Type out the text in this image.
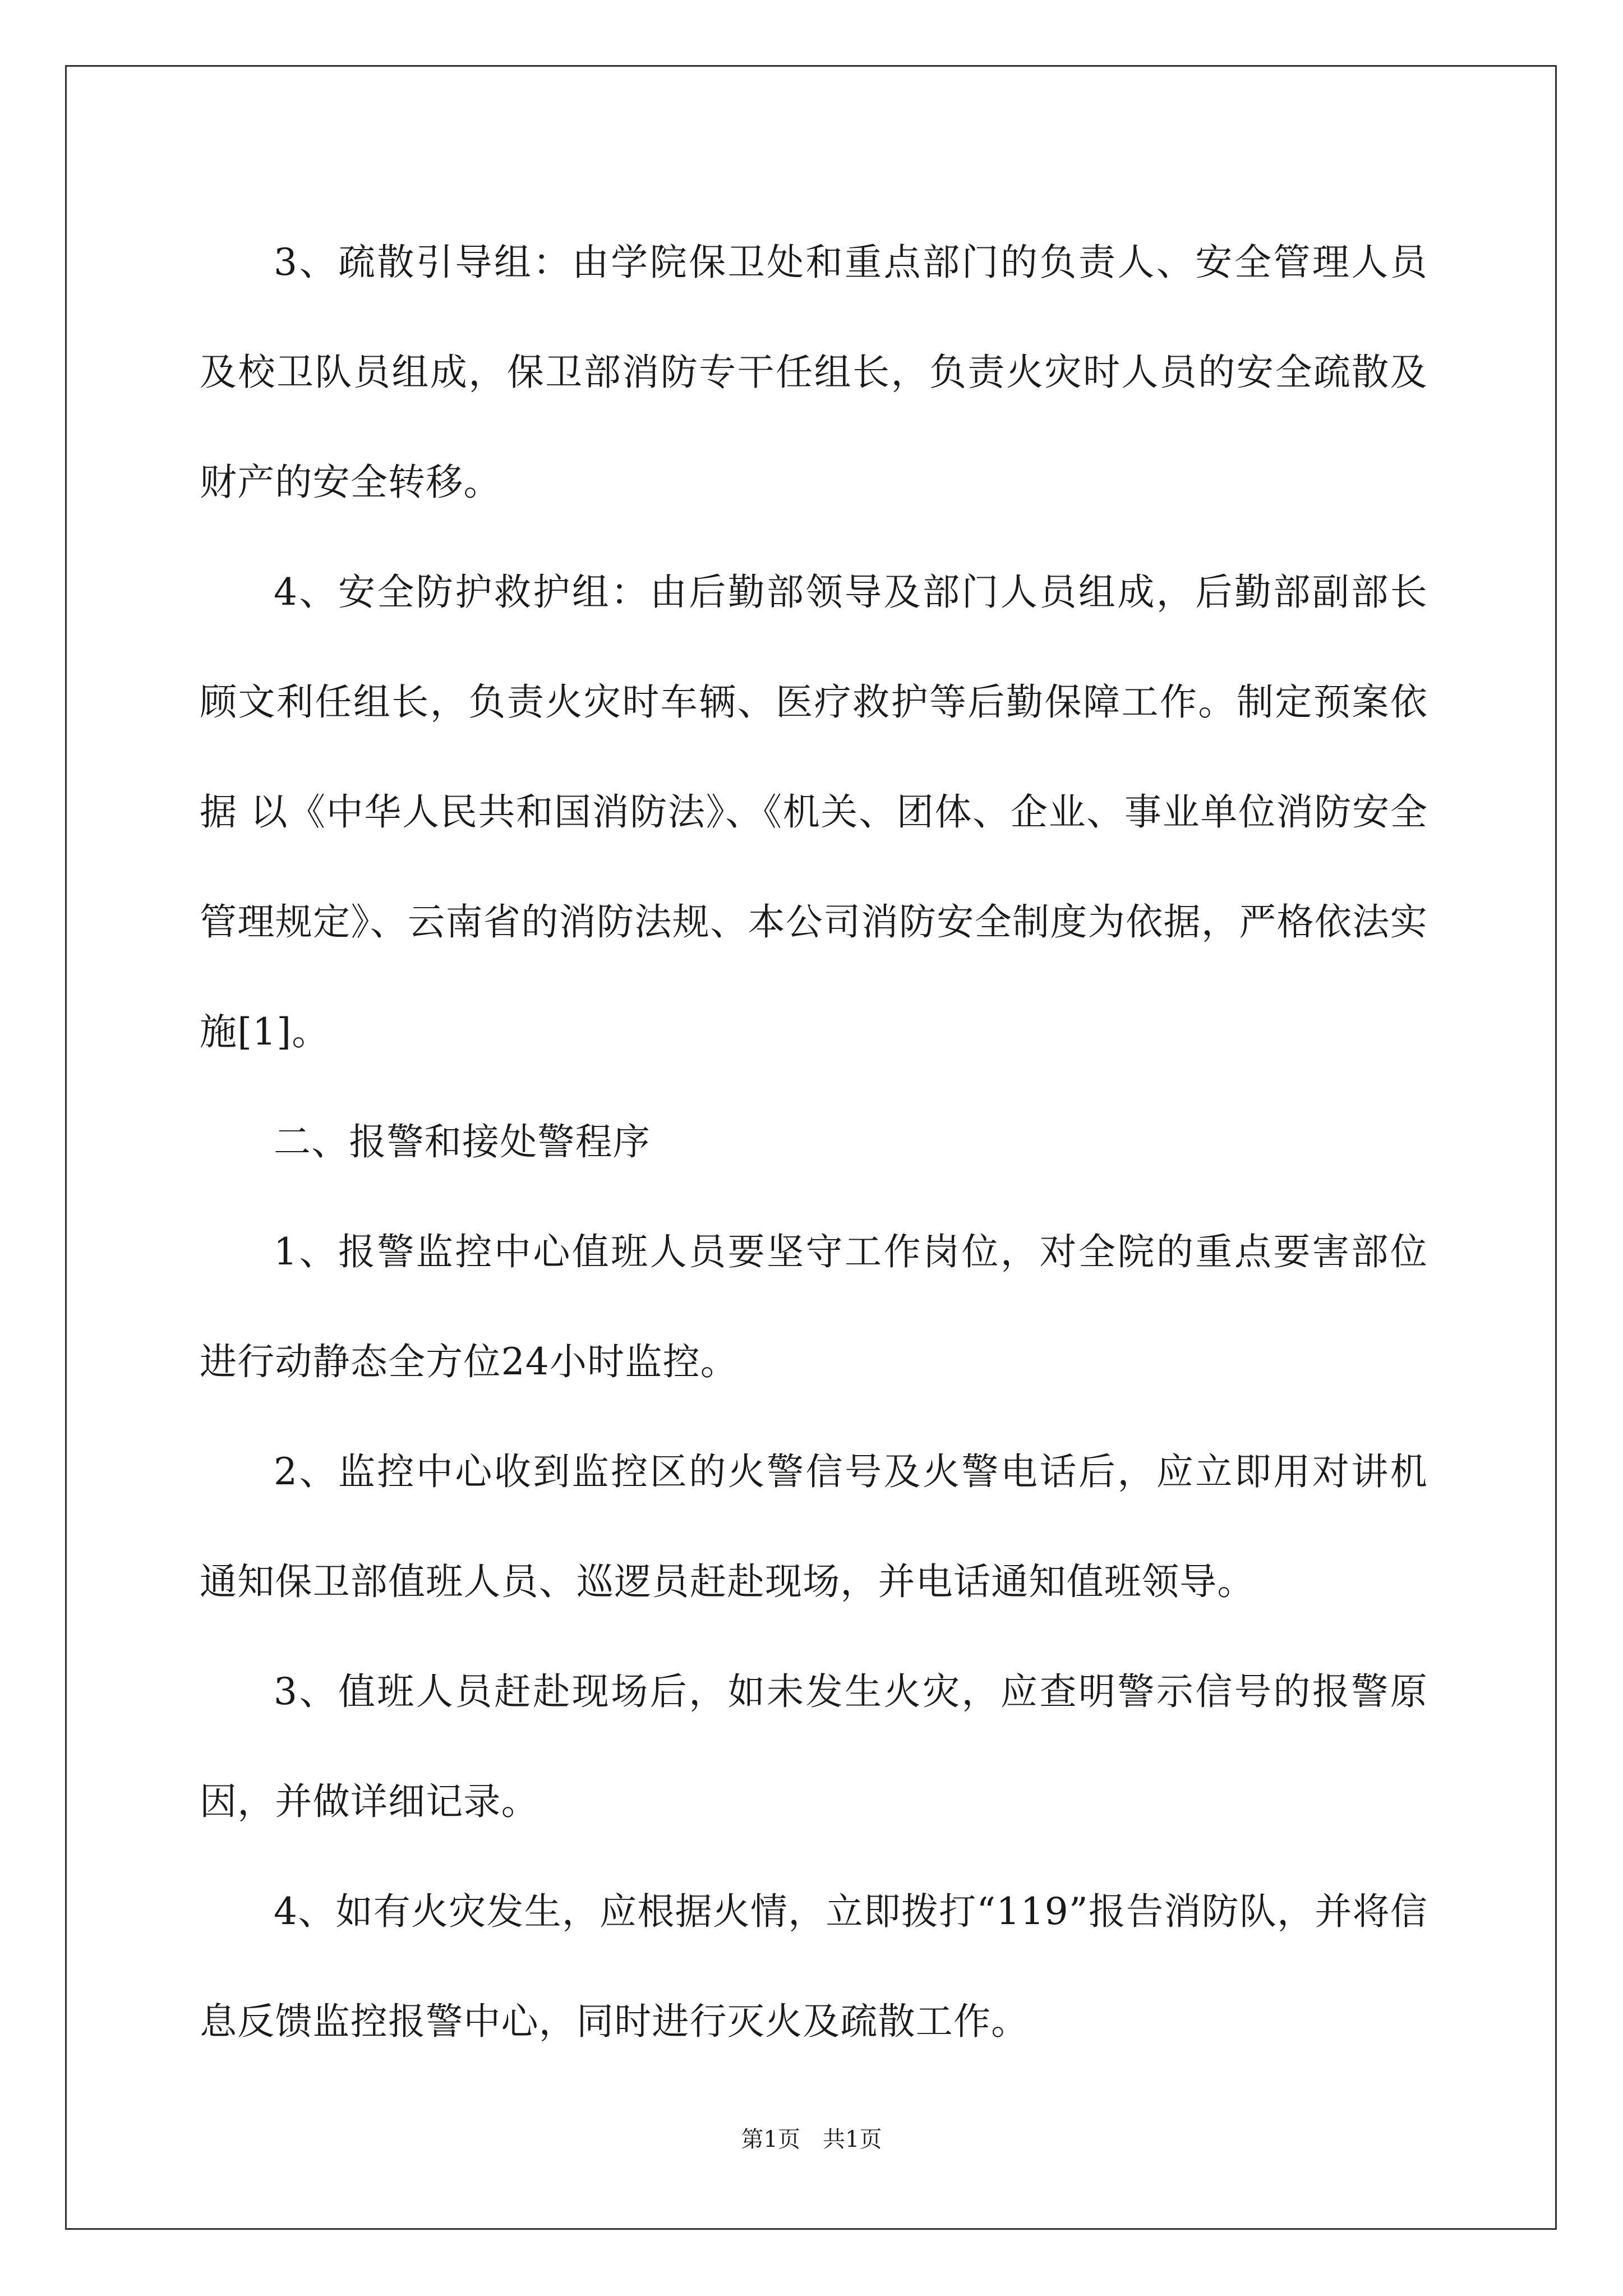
3、疏散引导组：由学院保卫处和重点部门的负责人、安全管理人员及校卫队员组成，保卫部消防专干任组长，负责火灾时人员的安全疏散及财产的安全转移。

4、安全防护救护组：由后勤部领导及部门人员组成，后勤部副部长顾文利任组长，负责火灾时车辆、医疗救护等后勤保障工作。制定预案依据 以《中华人民共和国消防法》、《机关、团体、企业、事业单位消防安全管理规定》、云南省的消防法规、本公司消防安全制度为依据，严格依法实施[1]。

二、报警和接处警程序

1、报警监控中心值班人员要坚守工作岗位，对全院的重点要害部位进行动静态全方位24小时监控。

2、监控中心收到监控区的火警信号及火警电话后，应立即用对讲机通知保卫部值班人员、巡逻员赶赴现场，并电话通知值班领导。

3、值班人员赶赴现场后，如未发生火灾，应查明警示信号的报警原因，并做详细记录。

4、如有火灾发生，应根据火情，立即拨打“119”报告消防队，并将信息反馈监控报警中心，同时进行灭火及疏散工作。

第1页　共1页
